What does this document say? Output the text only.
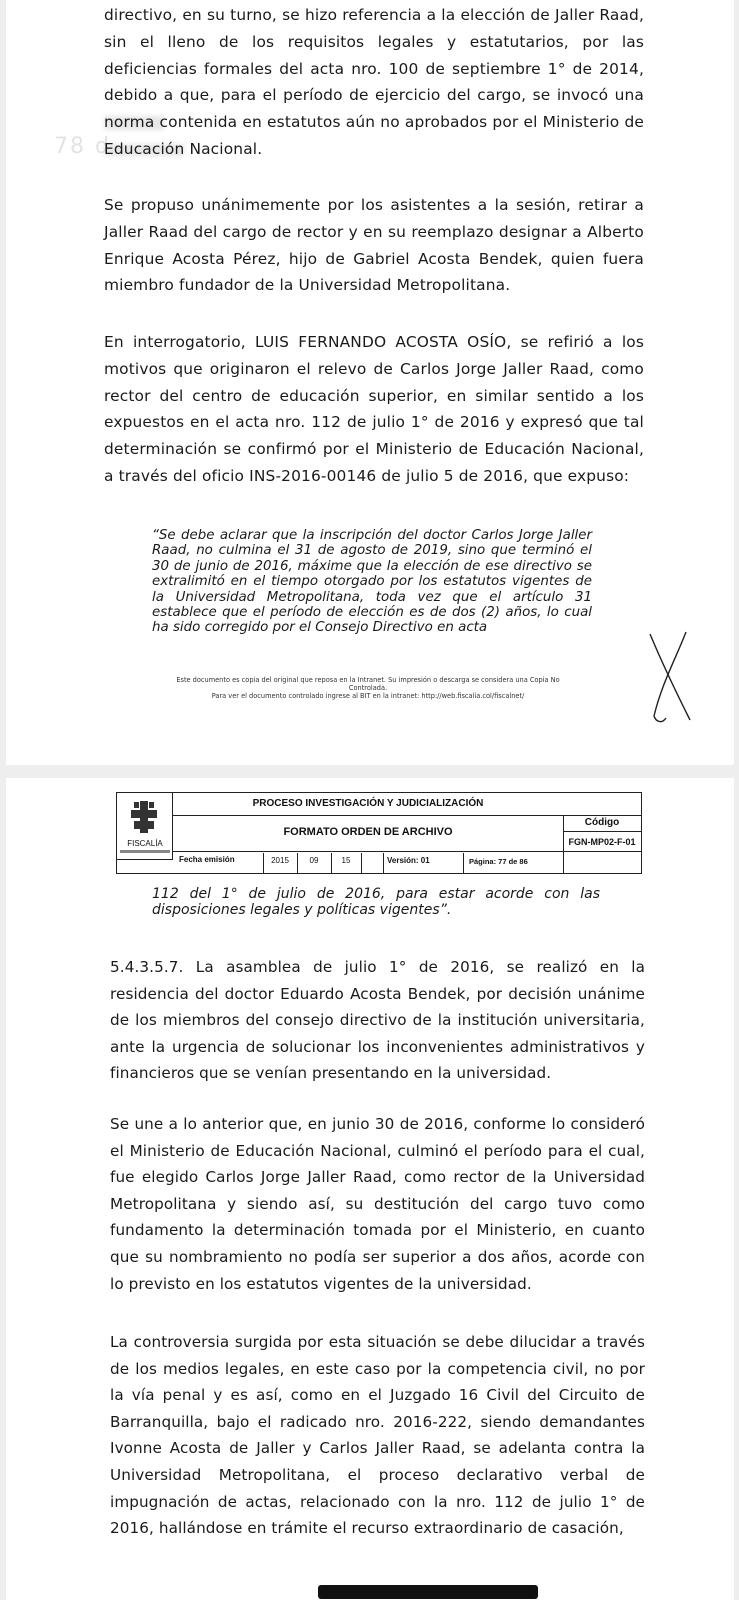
78 d
directivo, en su turno, se hizo referencia a la elección de Jaller Raad, sin el lleno de los requisitos legales y estatutarios, por las deficiencias formales del acta nro. 100 de septiembre 1° de 2014, debido a que, para el período de ejercicio del cargo, se invocó una norma contenida en estatutos aún no aprobados por el Ministerio de Educación Nacional.
Se propuso unánimemente por los asistentes a la sesión, retirar a Jaller Raad del cargo de rector y en su reemplazo designar a Alberto Enrique Acosta Pérez, hijo de Gabriel Acosta Bendek, quien fuera miembro fundador de la Universidad Metropolitana.
En interrogatorio, LUIS FERNANDO ACOSTA OSÍO, se refirió a los motivos que originaron el relevo de Carlos Jorge Jaller Raad, como rector del centro de educación superior, en similar sentido a los expuestos en el acta nro. 112 de julio 1° de 2016 y expresó que tal determinación se confirmó por el Ministerio de Educación Nacional, a través del oficio INS-2016-00146 de julio 5 de 2016, que expuso:
“Se debe aclarar que la inscripción del doctor Carlos Jorge Jaller Raad, no culmina el 31 de agosto de 2019, sino que terminó el 30 de junio de 2016, máxime que la elección de ese directivo se extralimitó en el tiempo otorgado por los estatutos vigentes de la Universidad Metropolitana, toda vez que el artículo 31 establece que el período de elección es de dos (2) años, lo cual ha sido corregido por el Consejo Directivo en acta
Este documento es copia del original que reposa en la Intranet. Su impresión o descarga se considera una Copia No
Controlada.
Para ver el documento controlado ingrese al BIT en la intranet: http://web.fiscalia.col/fiscalnet/
FISCALÍA
PROCESO INVESTIGACIÓN Y JUDICIALIZACIÓN
FORMATO ORDEN DE ARCHIVO
Código
FGN-MP02-F-01
Fecha emisión	2015	09	15	Versión: 01	Página: 77 de 86
112 del 1° de julio de 2016, para estar acorde con las disposiciones legales y políticas vigentes”.
5.4.3.5.7. La asamblea de julio 1° de 2016, se realizó en la residencia del doctor Eduardo Acosta Bendek, por decisión unánime de los miembros del consejo directivo de la institución universitaria, ante la urgencia de solucionar los inconvenientes administrativos y financieros que se venían presentando en la universidad.
Se une a lo anterior que, en junio 30 de 2016, conforme lo consideró el Ministerio de Educación Nacional, culminó el período para el cual, fue elegido Carlos Jorge Jaller Raad, como rector de la Universidad Metropolitana y siendo así, su destitución del cargo tuvo como fundamento la determinación tomada por el Ministerio, en cuanto que su nombramiento no podía ser superior a dos años, acorde con lo previsto en los estatutos vigentes de la universidad.
La controversia surgida por esta situación se debe dilucidar a través de los medios legales, en este caso por la competencia civil, no por la vía penal y es así, como en el Juzgado 16 Civil del Circuito de Barranquilla, bajo el radicado nro. 2016-222, siendo demandantes Ivonne Acosta de Jaller y Carlos Jaller Raad, se adelanta contra la Universidad Metropolitana, el proceso declarativo verbal de impugnación de actas, relacionado con la nro. 112 de julio 1° de 2016, hallándose en trámite el recurso extraordinario de casación,
